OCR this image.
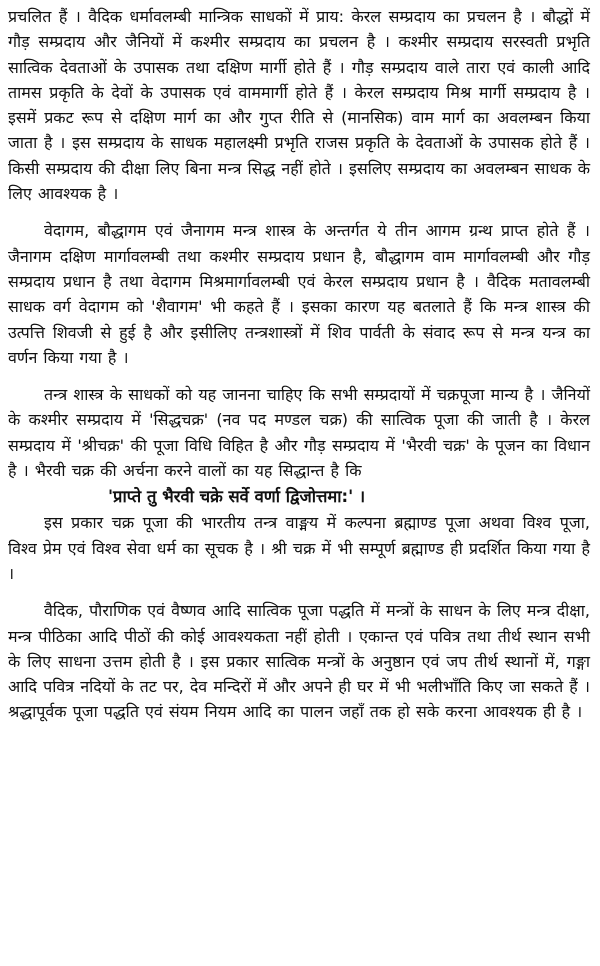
प्रचलित हैं । वैदिक धर्मावलम्बी मान्त्रिक साधकों में प्राय: केरल सम्प्रदाय का प्रचलन है । बौद्धों में गौड़ सम्प्रदाय और जैनियों में कश्मीर सम्प्रदाय का प्रचलन है । कश्मीर सम्प्रदाय सरस्वती प्रभृति सात्विक देवताओं के उपासक तथा दक्षिण मार्गी होते हैं । गौड़ सम्प्रदाय वाले तारा एवं काली आदि तामस प्रकृति के देवों के उपासक एवं वाममार्गी होते हैं । केरल सम्प्रदाय मिश्र मार्गी सम्प्रदाय है । इसमें प्रकट रूप से दक्षिण मार्ग का और गुप्त रीति से (मानसिक) वाम मार्ग का अवलम्बन किया जाता है । इस सम्प्रदाय के साधक महालक्ष्मी प्रभृति राजस प्रकृति के देवताओं के उपासक होते हैं । किसी सम्प्रदाय की दीक्षा लिए बिना मन्त्र सिद्ध नहीं होते । इसलिए सम्प्रदाय का अवलम्बन साधक के लिए आवश्यक है ।

वेदागम, बौद्धागम एवं जैनागम मन्त्र शास्त्र के अन्तर्गत ये तीन आगम ग्रन्थ प्राप्त होते हैं । जैनागम दक्षिण मार्गावलम्बी तथा कश्मीर सम्प्रदाय प्रधान है, बौद्धागम वाम मार्गावलम्बी और गौड़ सम्प्रदाय प्रधान है तथा वेदागम मिश्रमार्गावलम्बी एवं केरल सम्प्रदाय प्रधान है । वैदिक मतावलम्बी साधक वर्ग वेदागम को 'शैवागम' भी कहते हैं । इसका कारण यह बतलाते हैं कि मन्त्र शास्त्र की उत्पत्ति शिवजी से हुई है और इसीलिए तन्त्रशास्त्रों में शिव पार्वती के संवाद रूप से मन्त्र यन्त्र का वर्णन किया गया है ।

तन्त्र शास्त्र के साधकों को यह जानना चाहिए कि सभी सम्प्रदायों में चक्रपूजा मान्य है । जैनियों के कश्मीर सम्प्रदाय में 'सिद्धचक्र' (नव पद मण्डल चक्र) की सात्विक पूजा की जाती है । केरल सम्प्रदाय में 'श्रीचक्र' की पूजा विधि विहित है और गौड़ सम्प्रदाय में 'भैरवी चक्र' के पूजन का विधान है । भैरवी चक्र की अर्चना करने वालों का यह सिद्धान्त है कि

'प्राप्ते तु भैरवी चक्रे सर्वे वर्णा द्विजोत्तमा:' ।

इस प्रकार चक्र पूजा की भारतीय तन्त्र वाङ्मय में कल्पना ब्रह्माण्ड पूजा अथवा विश्व पूजा, विश्व प्रेम एवं विश्व सेवा धर्म का सूचक है । श्री चक्र में भी सम्पूर्ण ब्रह्माण्ड ही प्रदर्शित किया गया है ।

वैदिक, पौराणिक एवं वैष्णव आदि सात्विक पूजा पद्धति में मन्त्रों के साधन के लिए मन्त्र दीक्षा, मन्त्र पीठिका आदि पीठों की कोई आवश्यकता नहीं होती । एकान्त एवं पवित्र तथा तीर्थ स्थान सभी के लिए साधना उत्तम होती है । इस प्रकार सात्विक मन्त्रों के अनुष्ठान एवं जप तीर्थ स्थानों में, गङ्गा आदि पवित्र नदियों के तट पर, देव मन्दिरों में और अपने ही घर में भी भलीभाँति किए जा सकते हैं । श्रद्धापूर्वक पूजा पद्धति एवं संयम नियम आदि का पालन जहाँ तक हो सके करना आवश्यक ही है ।
